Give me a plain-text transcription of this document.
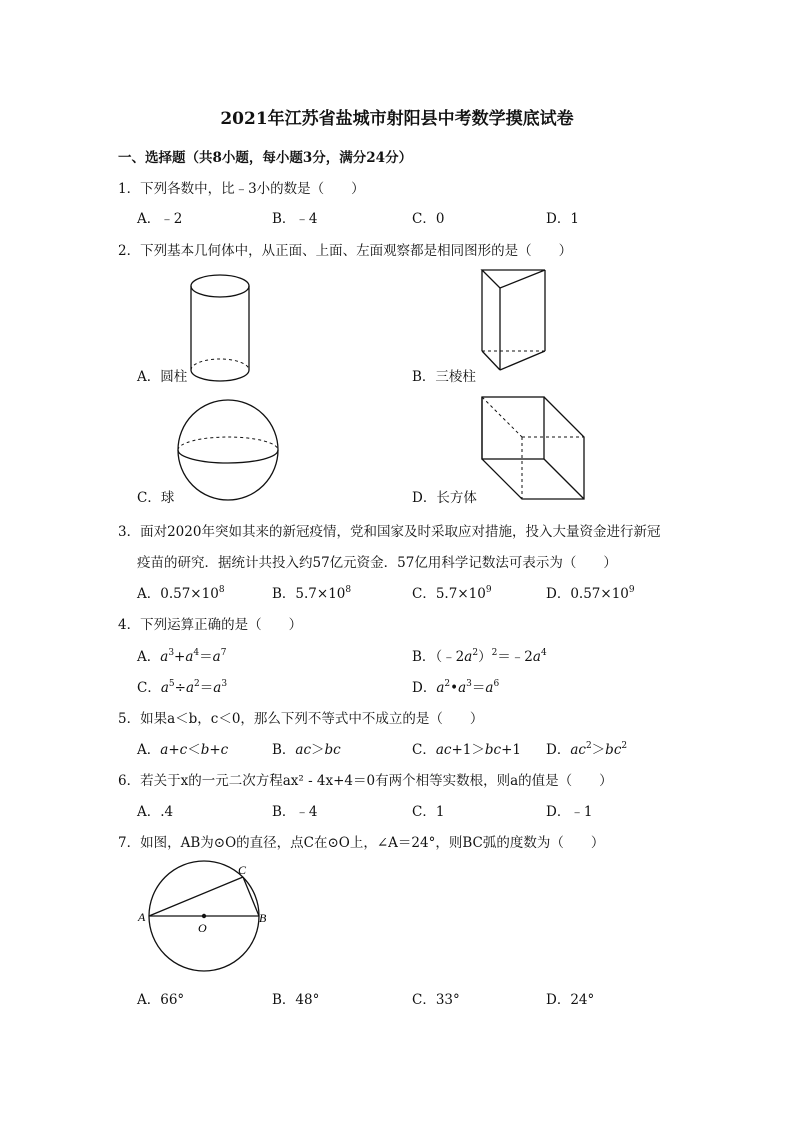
2021年江苏省盐城市射阳县中考数学摸底试卷
一、选择题（共8小题，每小题3分，满分24分）
1．下列各数中，比﹣3小的数是（　　）
A．﹣2	B．﹣4	C．0	D．1
2．下列基本几何体中，从正面、上面、左面观察都是相同图形的是（　　）
A．圆柱	B．三棱柱
C．球	D．长方体
3．面对2020年突如其来的新冠疫情，党和国家及时采取应对措施，投入大量资金进行新冠
疫苗的研究．据统计共投入约57亿元资金．57亿用科学记数法可表示为（　　）
A．$0.57\times 10^8$	B．$5.7\times 10^8$	C．$5.7\times 10^9$	D．$0.57\times 10^9$
4．下列运算正确的是（　　）
A．$a^3+a^4=a^7$	B．$(﹣2a^2)^2=﹣2a^4$
C．$a^5\div a^2=a^3$	D．$a^2•a^3=a^6$
5．如果a＜b，c＜0，那么下列不等式中不成立的是（　　）
A．a+c＜b+c	B．ac＞bc	C．ac+1＞bc+1 D．$ac^2>bc^2$
6．若关于x的一元二次方程ax² - 4x+4＝0有两个相等实数根，则a的值是（　　）
A．.4	B．﹣4	C．1	D．﹣1
7．如图，AB为⊙O的直径，点C在⊙O上，∠A＝24°，则BC弧的度数为（　　）
A	B
C
O
A．66°	B．48°	C．33°	D．24°
